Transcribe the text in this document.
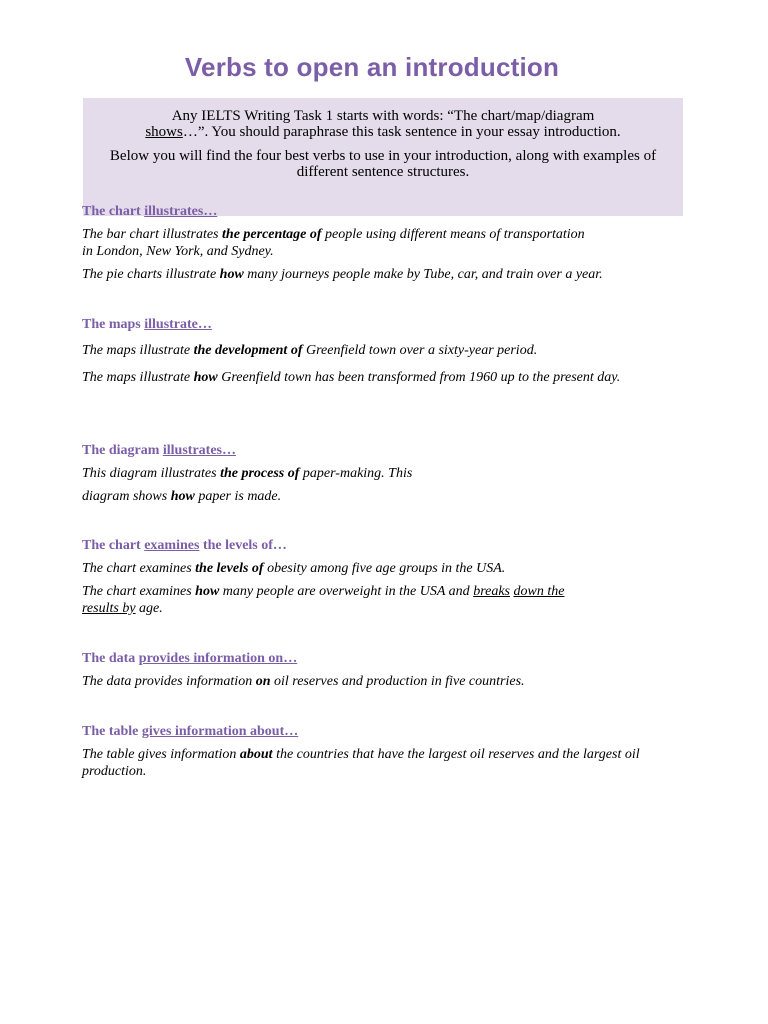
Verbs to open an introduction

Any IELTS Writing Task 1 starts with words: “The chart/map/diagram
shows…”. You should paraphrase this task sentence in your essay introduction.

Below you will find the four best verbs to use in your introduction, along with examples of different sentence structures.

The chart illustrates…
The bar chart illustrates the percentage of people using different means of transportation
in London, New York, and Sydney.
The pie charts illustrate how many journeys people make by Tube, car, and train over a year.
The maps illustrate…
The maps illustrate the development of Greenfield town over a sixty-year period.
The maps illustrate how Greenfield town has been transformed from 1960 up to the present day.
The diagram illustrates…
This diagram illustrates the process of paper-making. This
diagram shows how paper is made.
The chart examines the levels of…
The chart examines the levels of obesity among five age groups in the USA.
The chart examines how many people are overweight in the USA and breaks down the
results by age.
The data provides information on…
The data provides information on oil reserves and production in five countries.
The table gives information about…
The table gives information about the countries that have the largest oil reserves and the largest oil production.
